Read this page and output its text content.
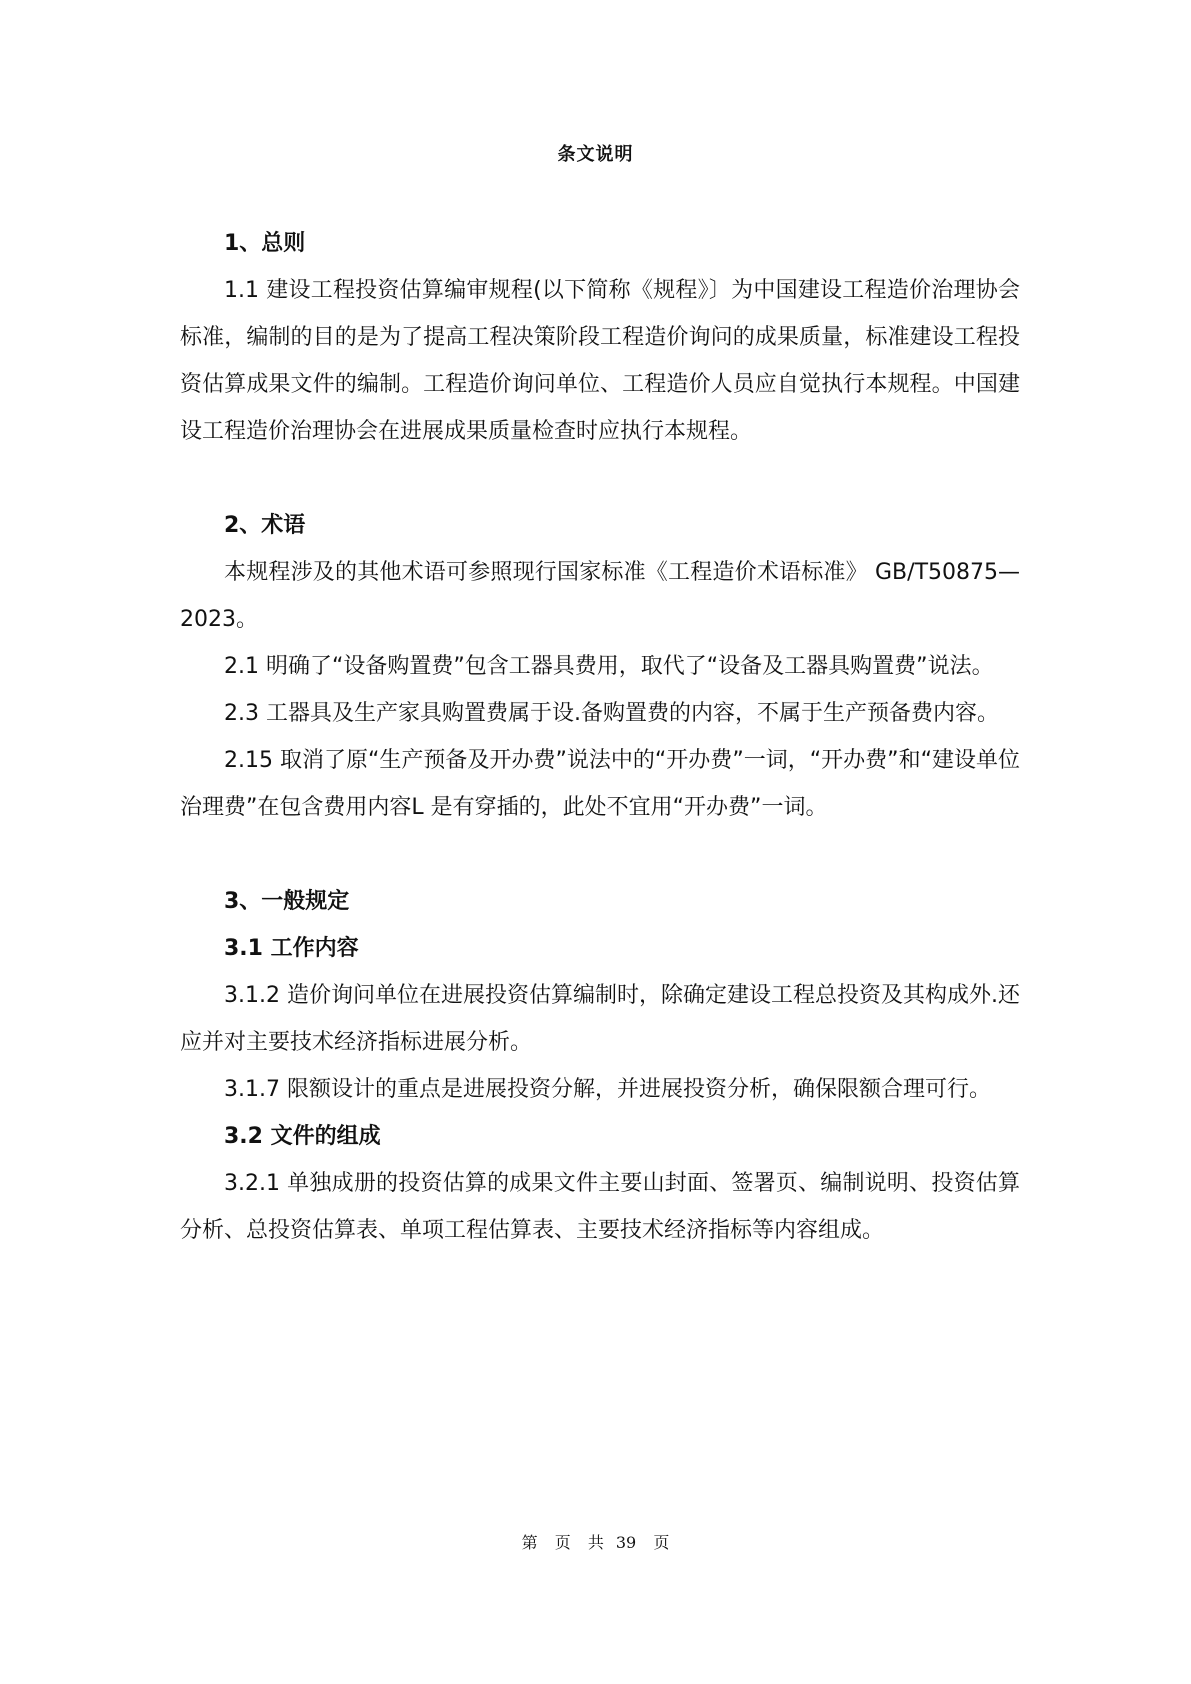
条文说明

1、总则

1.1 建设工程投资估算编审规程(以下简称《规程》〕为中国建设工程造价治理协会标准，编制的目的是为了提高工程决策阶段工程造价询问的成果质量，标准建设工程投资估算成果文件的编制。工程造价询问单位、工程造价人员应自觉执行本规程。中国建设工程造价治理协会在进展成果质量检查时应执行本规程。

2、术语

本规程涉及的其他术语可参照现行国家标准《工程造价术语标准》 GB/T50875—2023。

2.1 明确了“设备购置费”包含工器具费用，取代了“设备及工器具购置费”说法。

2.3 工器具及生产家具购置费属于设.备购置费的内容，不属于生产预备费内容。

2.15 取消了原“生产预备及开办费”说法中的“开办费”一词，“开办费”和“建设单位治理费”在包含费用内容L 是有穿插的，此处不宜用“开办费”一词。

3、一般规定

3.1 工作内容

3.1.2 造价询问单位在进展投资估算编制时，除确定建设工程总投资及其构成外.还应并对主要技术经济指标进展分析。

3.1.7 限额设计的重点是进展投资分解，并进展投资分析，确保限额合理可行。

3.2 文件的组成

3.2.1 单独成册的投资估算的成果文件主要山封面、签署页、编制说明、投资估算分析、总投资估算表、单项工程估算表、主要技术经济指标等内容组成。

第 页 共 39 页
